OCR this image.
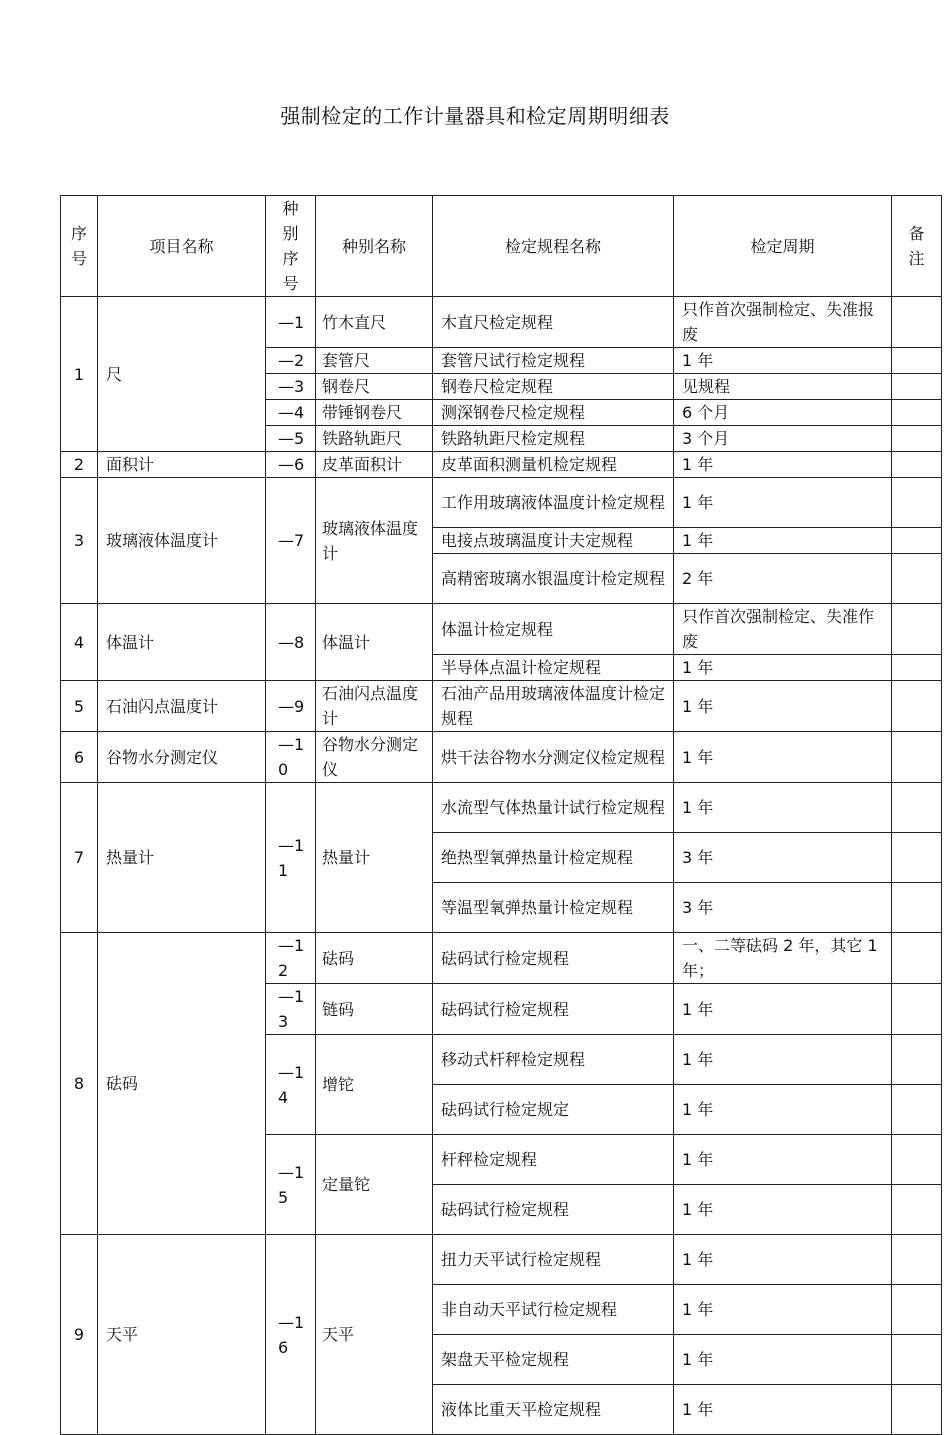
强制检定的工作计量器具和检定周期明细表
序号	项目名称	种别序号	种别名称	检定规程名称	检定周期	备注
1	尺	—1	竹木直尺	木直尺检定规程	只作首次强制检定、失准报废	
		—2	套管尺	套管尺试行检定规程	1 年	
		—3	钢卷尺	钢卷尺检定规程	见规程	
		—4	带锤钢卷尺	测深钢卷尺检定规程	6 个月	
		—5	铁路轨距尺	铁路轨距尺检定规程	3 个月	
2	面积计	—6	皮革面积计	皮革面积测量机检定规程	1 年	
3	玻璃液体温度计	—7	玻璃液体温度计	工作用玻璃液体温度计检定规程	1 年	
				电接点玻璃温度计夫定规程	1 年	
				高精密玻璃水银温度计检定规程	2 年	
4	体温计	—8	体温计	体温计检定规程	只作首次强制检定、失准作废	
				半导体点温计检定规程	1 年	
5	石油闪点温度计	—9	石油闪点温度计	石油产品用玻璃液体温度计检定规程	1 年	
6	谷物水分测定仪	—10	谷物水分测定仪	烘干法谷物水分测定仪检定规程	1 年	
7	热量计	—11	热量计	水流型气体热量计试行检定规程	1 年	
				绝热型氧弹热量计检定规程	3 年	
				等温型氧弹热量计检定规程	3 年	
8	砝码	—12	砝码	砝码试行检定规程	一、二等砝码 2 年，其它 1 年；	
		—13	链码	砝码试行检定规程	1 年	
		—14	增铊	移动式杆秤检定规程	1 年	
				砝码试行检定规定	1 年	
		—15	定量铊	杆秤检定规程	1 年	
				砝码试行检定规程	1 年	
9	天平	—16	天平	扭力天平试行检定规程	1 年	
				非自动天平试行检定规程	1 年	
				架盘天平检定规程	1 年	
				液体比重天平检定规程	1 年	
